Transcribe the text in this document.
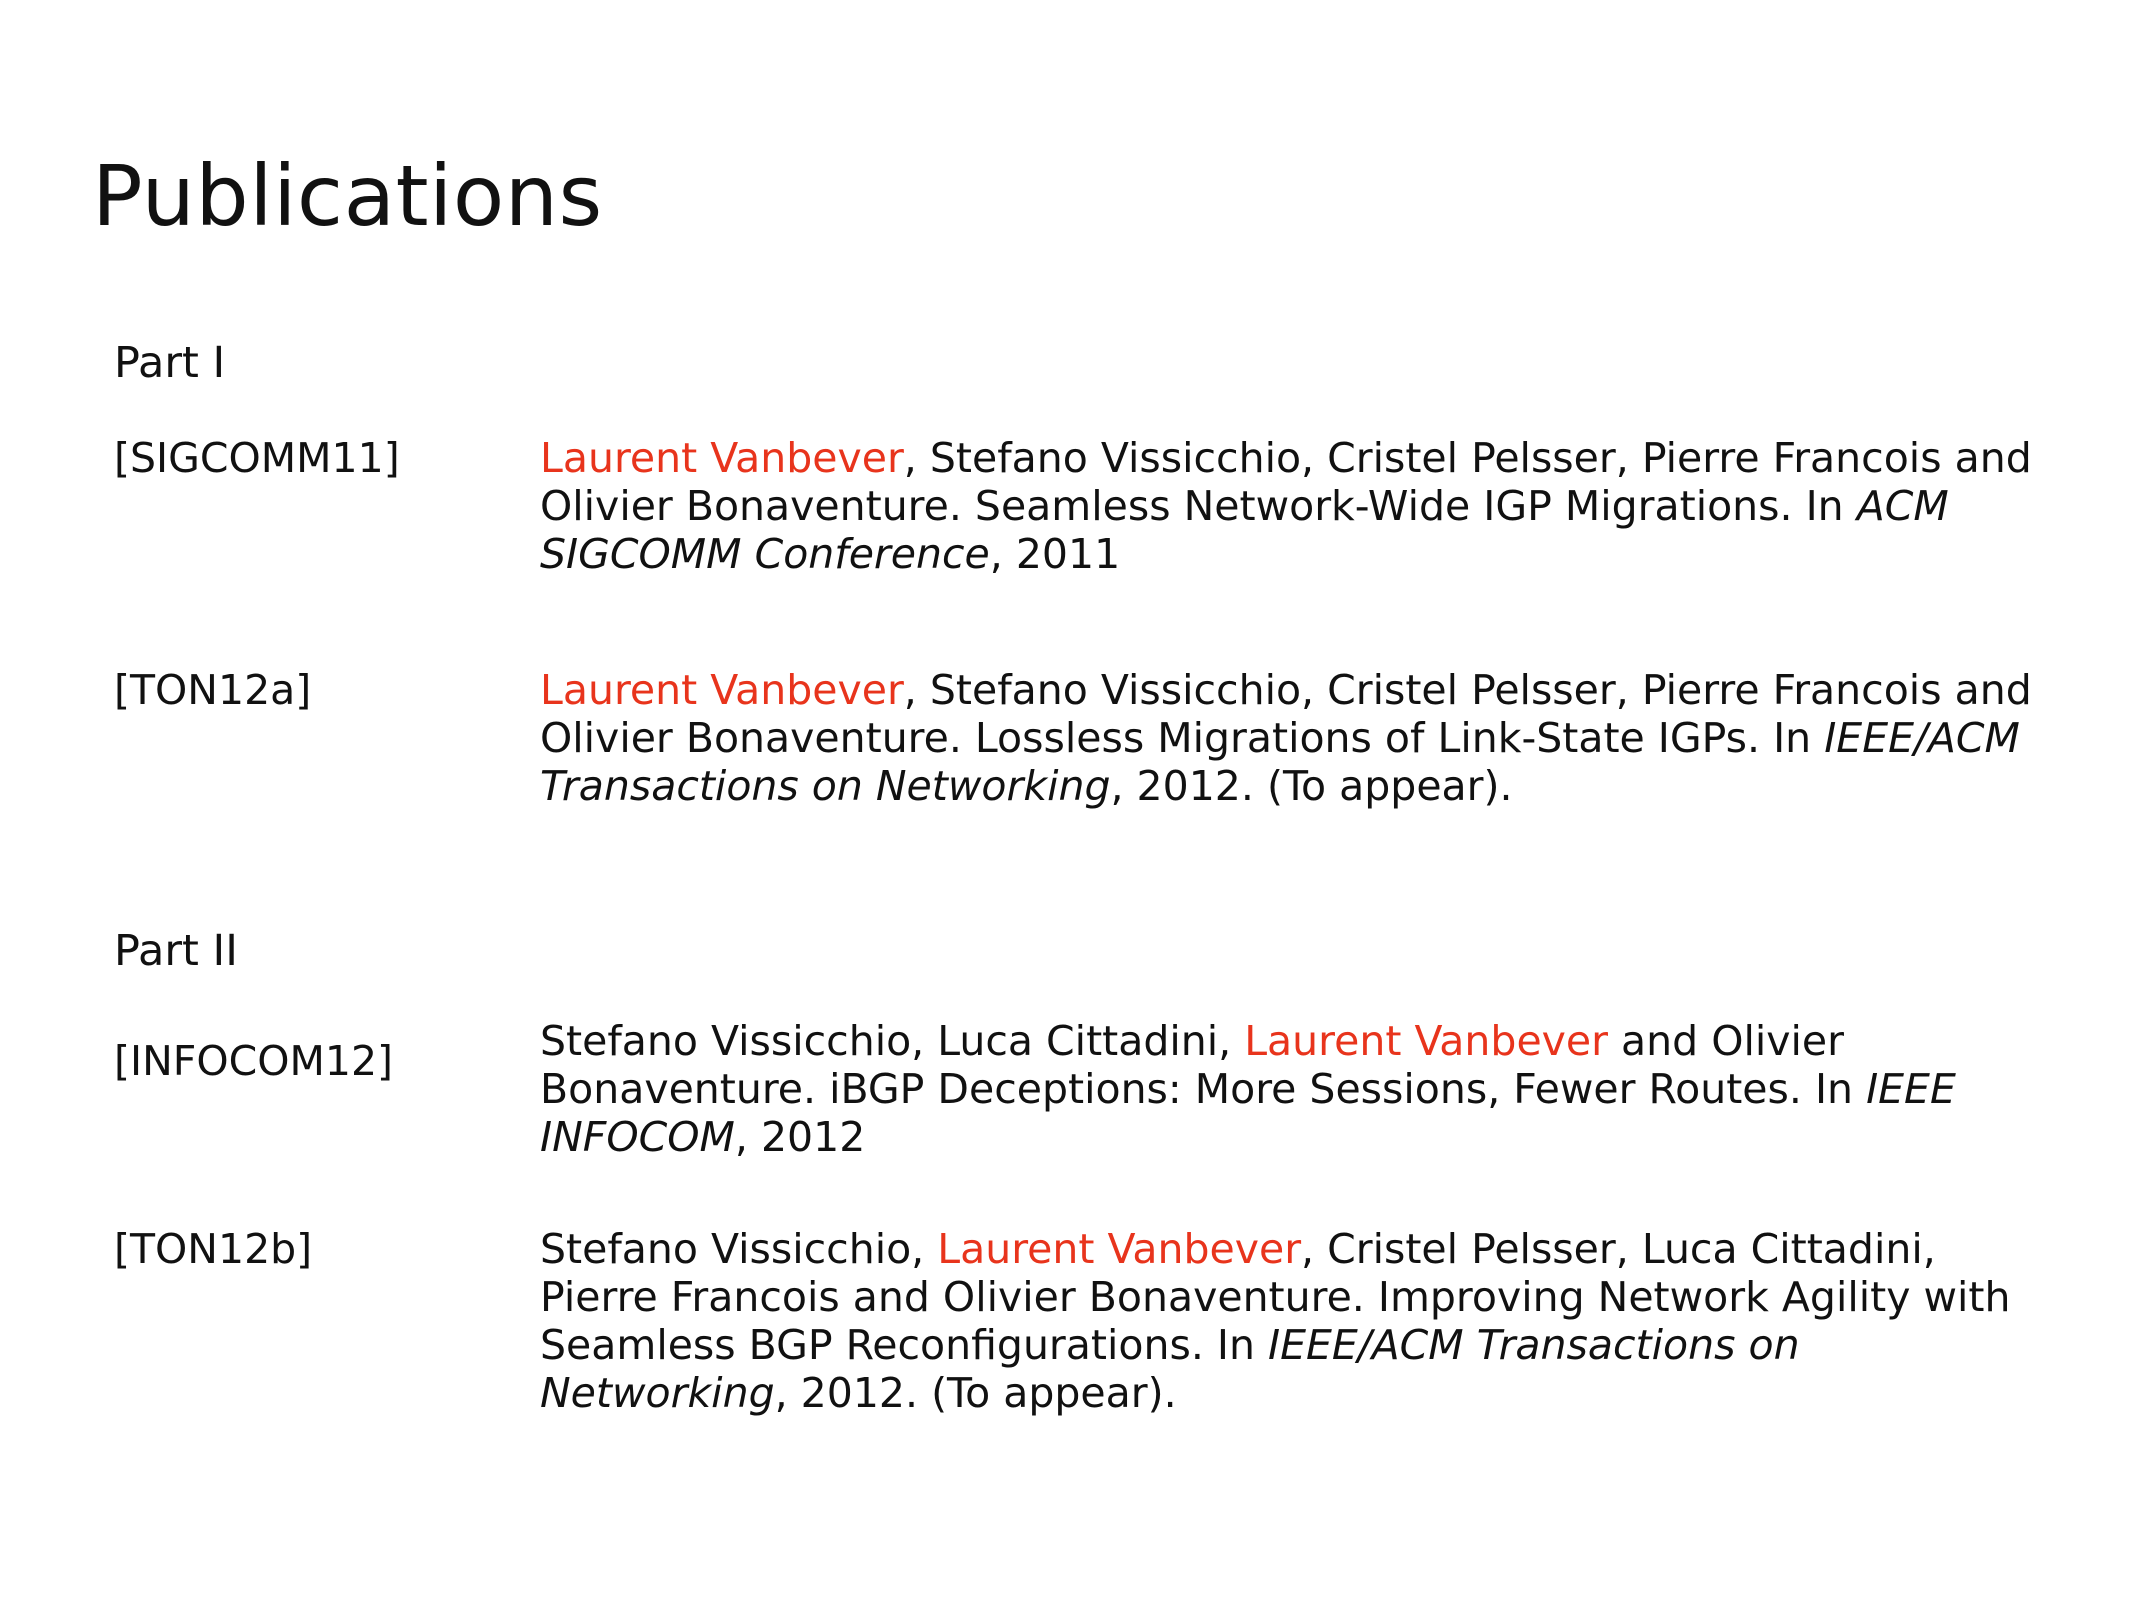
Publications
Part I
[SIGCOMM11]	Laurent Vanbever, Stefano Vissicchio, Cristel Pelsser, Pierre Francois and
Olivier Bonaventure. Seamless Network-Wide IGP Migrations. In ACM
SIGCOMM Conference, 2011
[TON12a]	Laurent Vanbever, Stefano Vissicchio, Cristel Pelsser, Pierre Francois and
Olivier Bonaventure. Lossless Migrations of Link-State IGPs. In IEEE/ACM
Transactions on Networking, 2012. (To appear).
Part II
[INFOCOM12]	Stefano Vissicchio, Luca Cittadini, Laurent Vanbever and Olivier
Bonaventure. iBGP Deceptions: More Sessions, Fewer Routes. In IEEE
INFOCOM, 2012
[TON12b]	Stefano Vissicchio, Laurent Vanbever, Cristel Pelsser, Luca Cittadini,
Pierre Francois and Olivier Bonaventure. Improving Network Agility with
Seamless BGP Reconfigurations. In IEEE/ACM Transactions on
Networking, 2012. (To appear).
